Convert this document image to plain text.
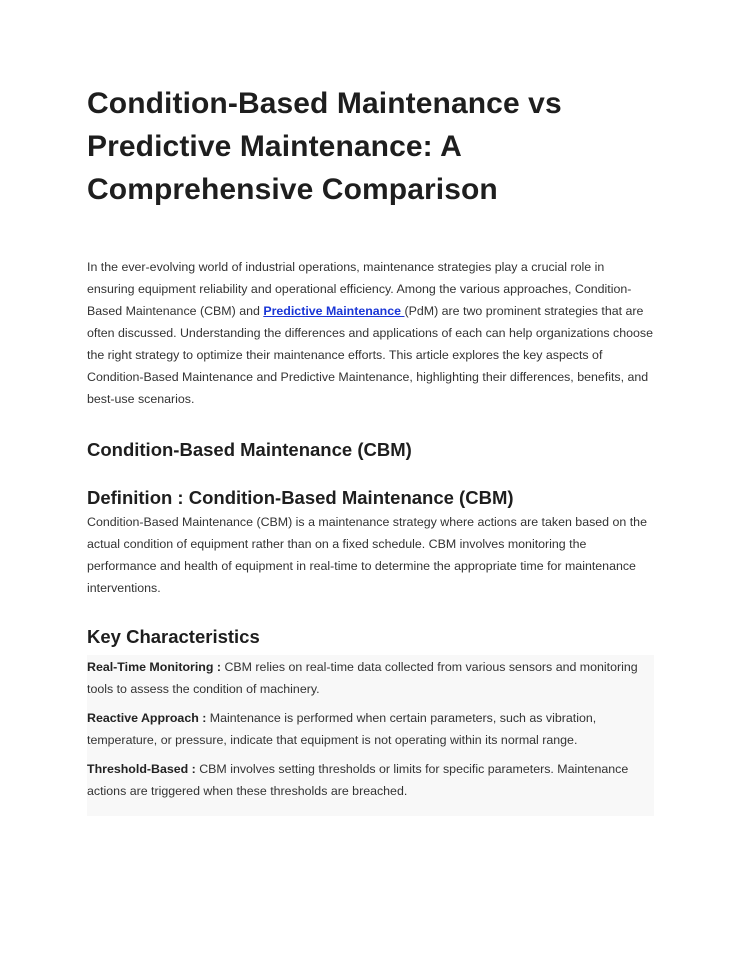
Condition-Based Maintenance vs Predictive Maintenance: A Comprehensive Comparison

In the ever-evolving world of industrial operations, maintenance strategies play a crucial role in ensuring equipment reliability and operational efficiency. Among the various approaches, Condition-Based Maintenance (CBM) and Predictive Maintenance (PdM) are two prominent strategies that are often discussed. Understanding the differences and applications of each can help organizations choose the right strategy to optimize their maintenance efforts. This article explores the key aspects of Condition-Based Maintenance and Predictive Maintenance, highlighting their differences, benefits, and best-use scenarios.

Condition-Based Maintenance (CBM)
Definition : Condition-Based Maintenance (CBM)

Condition-Based Maintenance (CBM) is a maintenance strategy where actions are taken based on the actual condition of equipment rather than on a fixed schedule. CBM involves monitoring the performance and health of equipment in real-time to determine the appropriate time for maintenance interventions.

Key Characteristics

Real-Time Monitoring : CBM relies on real-time data collected from various sensors and monitoring tools to assess the condition of machinery.

Reactive Approach : Maintenance is performed when certain parameters, such as vibration, temperature, or pressure, indicate that equipment is not operating within its normal range.

Threshold-Based : CBM involves setting thresholds or limits for specific parameters. Maintenance actions are triggered when these thresholds are breached.
